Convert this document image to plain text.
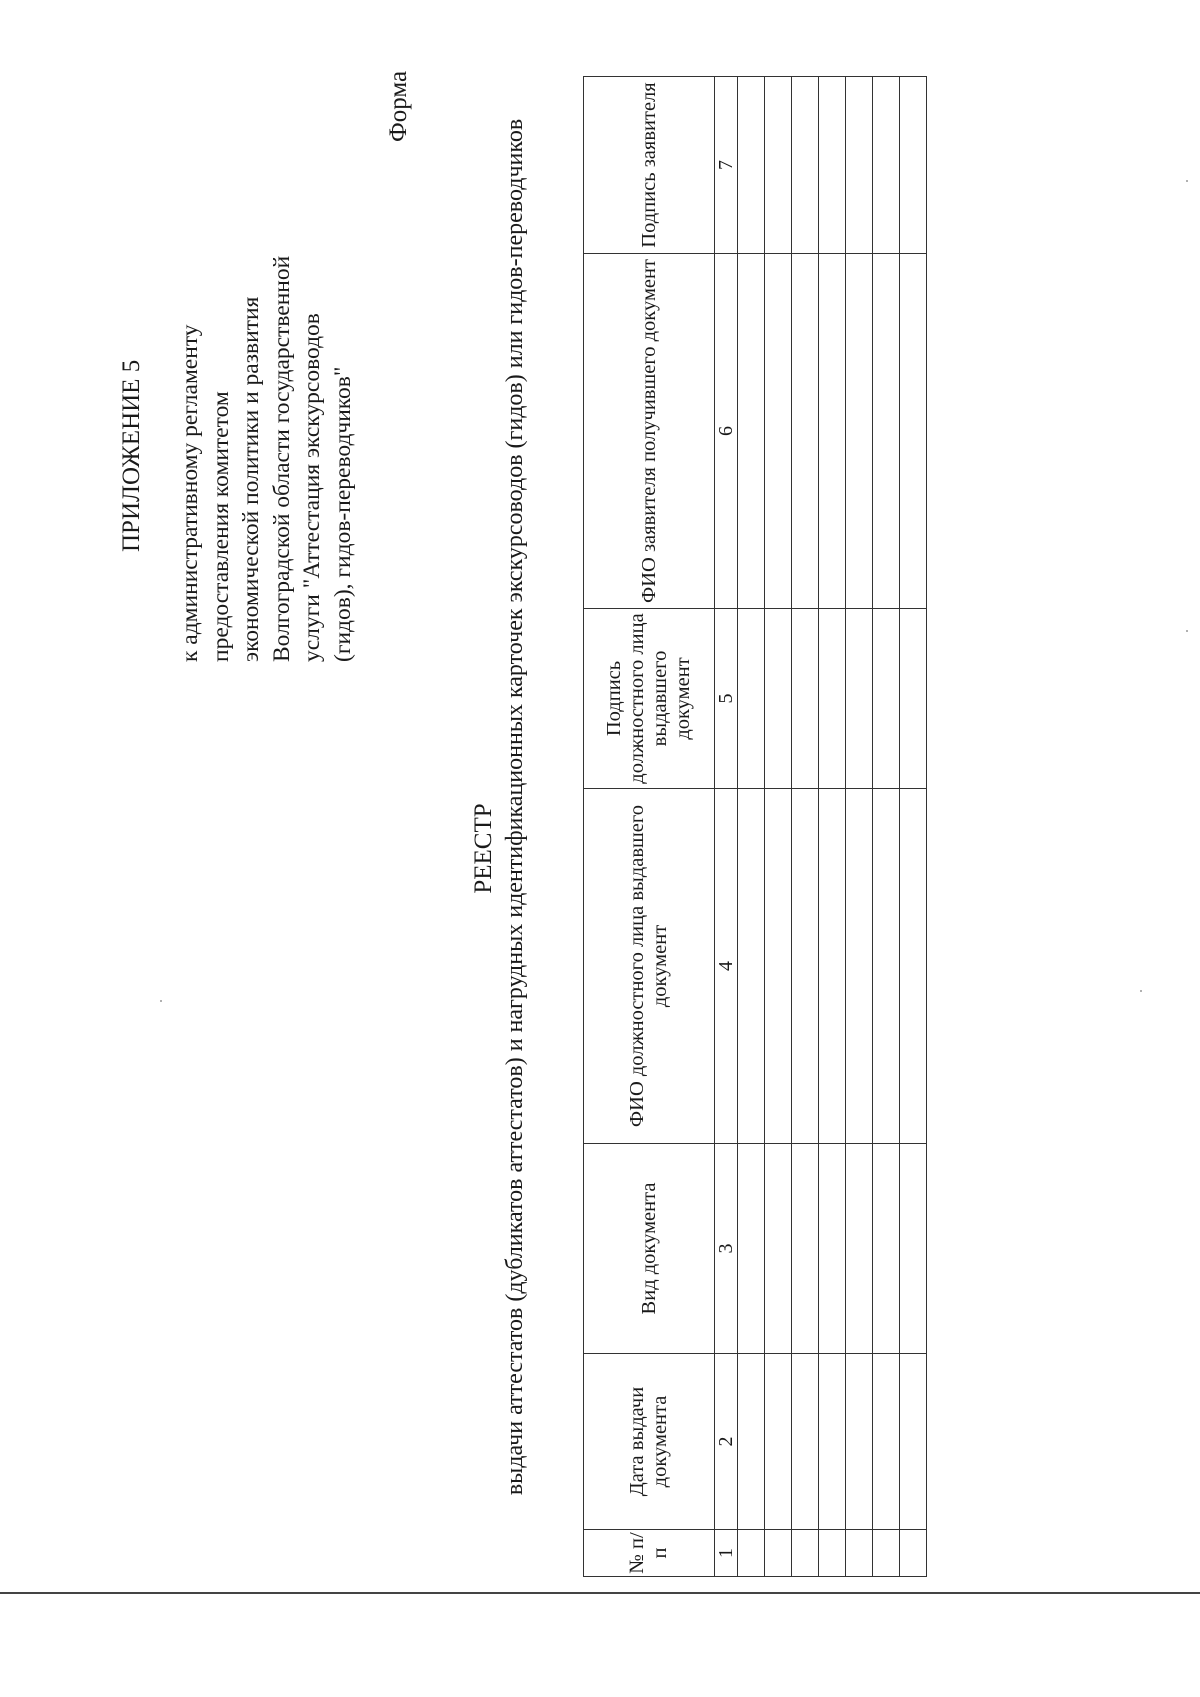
ПРИЛОЖЕНИЕ 5 к административному регламенту предоставления комитетом экономической политики и развития Волгоградской области государственной услуги "Аттестация экскурсоводов (гидов), гидов-переводчиков"
Форма
РЕЕСТР выдачи аттестатов (дубликатов аттестатов) и нагрудных идентификационных карточек экскурсоводов (гидов) или гидов-переводчиков
№ п/п	Дата выдачи документа	Вид документа	ФИО должностного лица выдавшего документ	Подпись должностного лица выдавшего документ	ФИО заявителя получившего документ	Подпись заявителя
1	2	3	4	5	6	7
